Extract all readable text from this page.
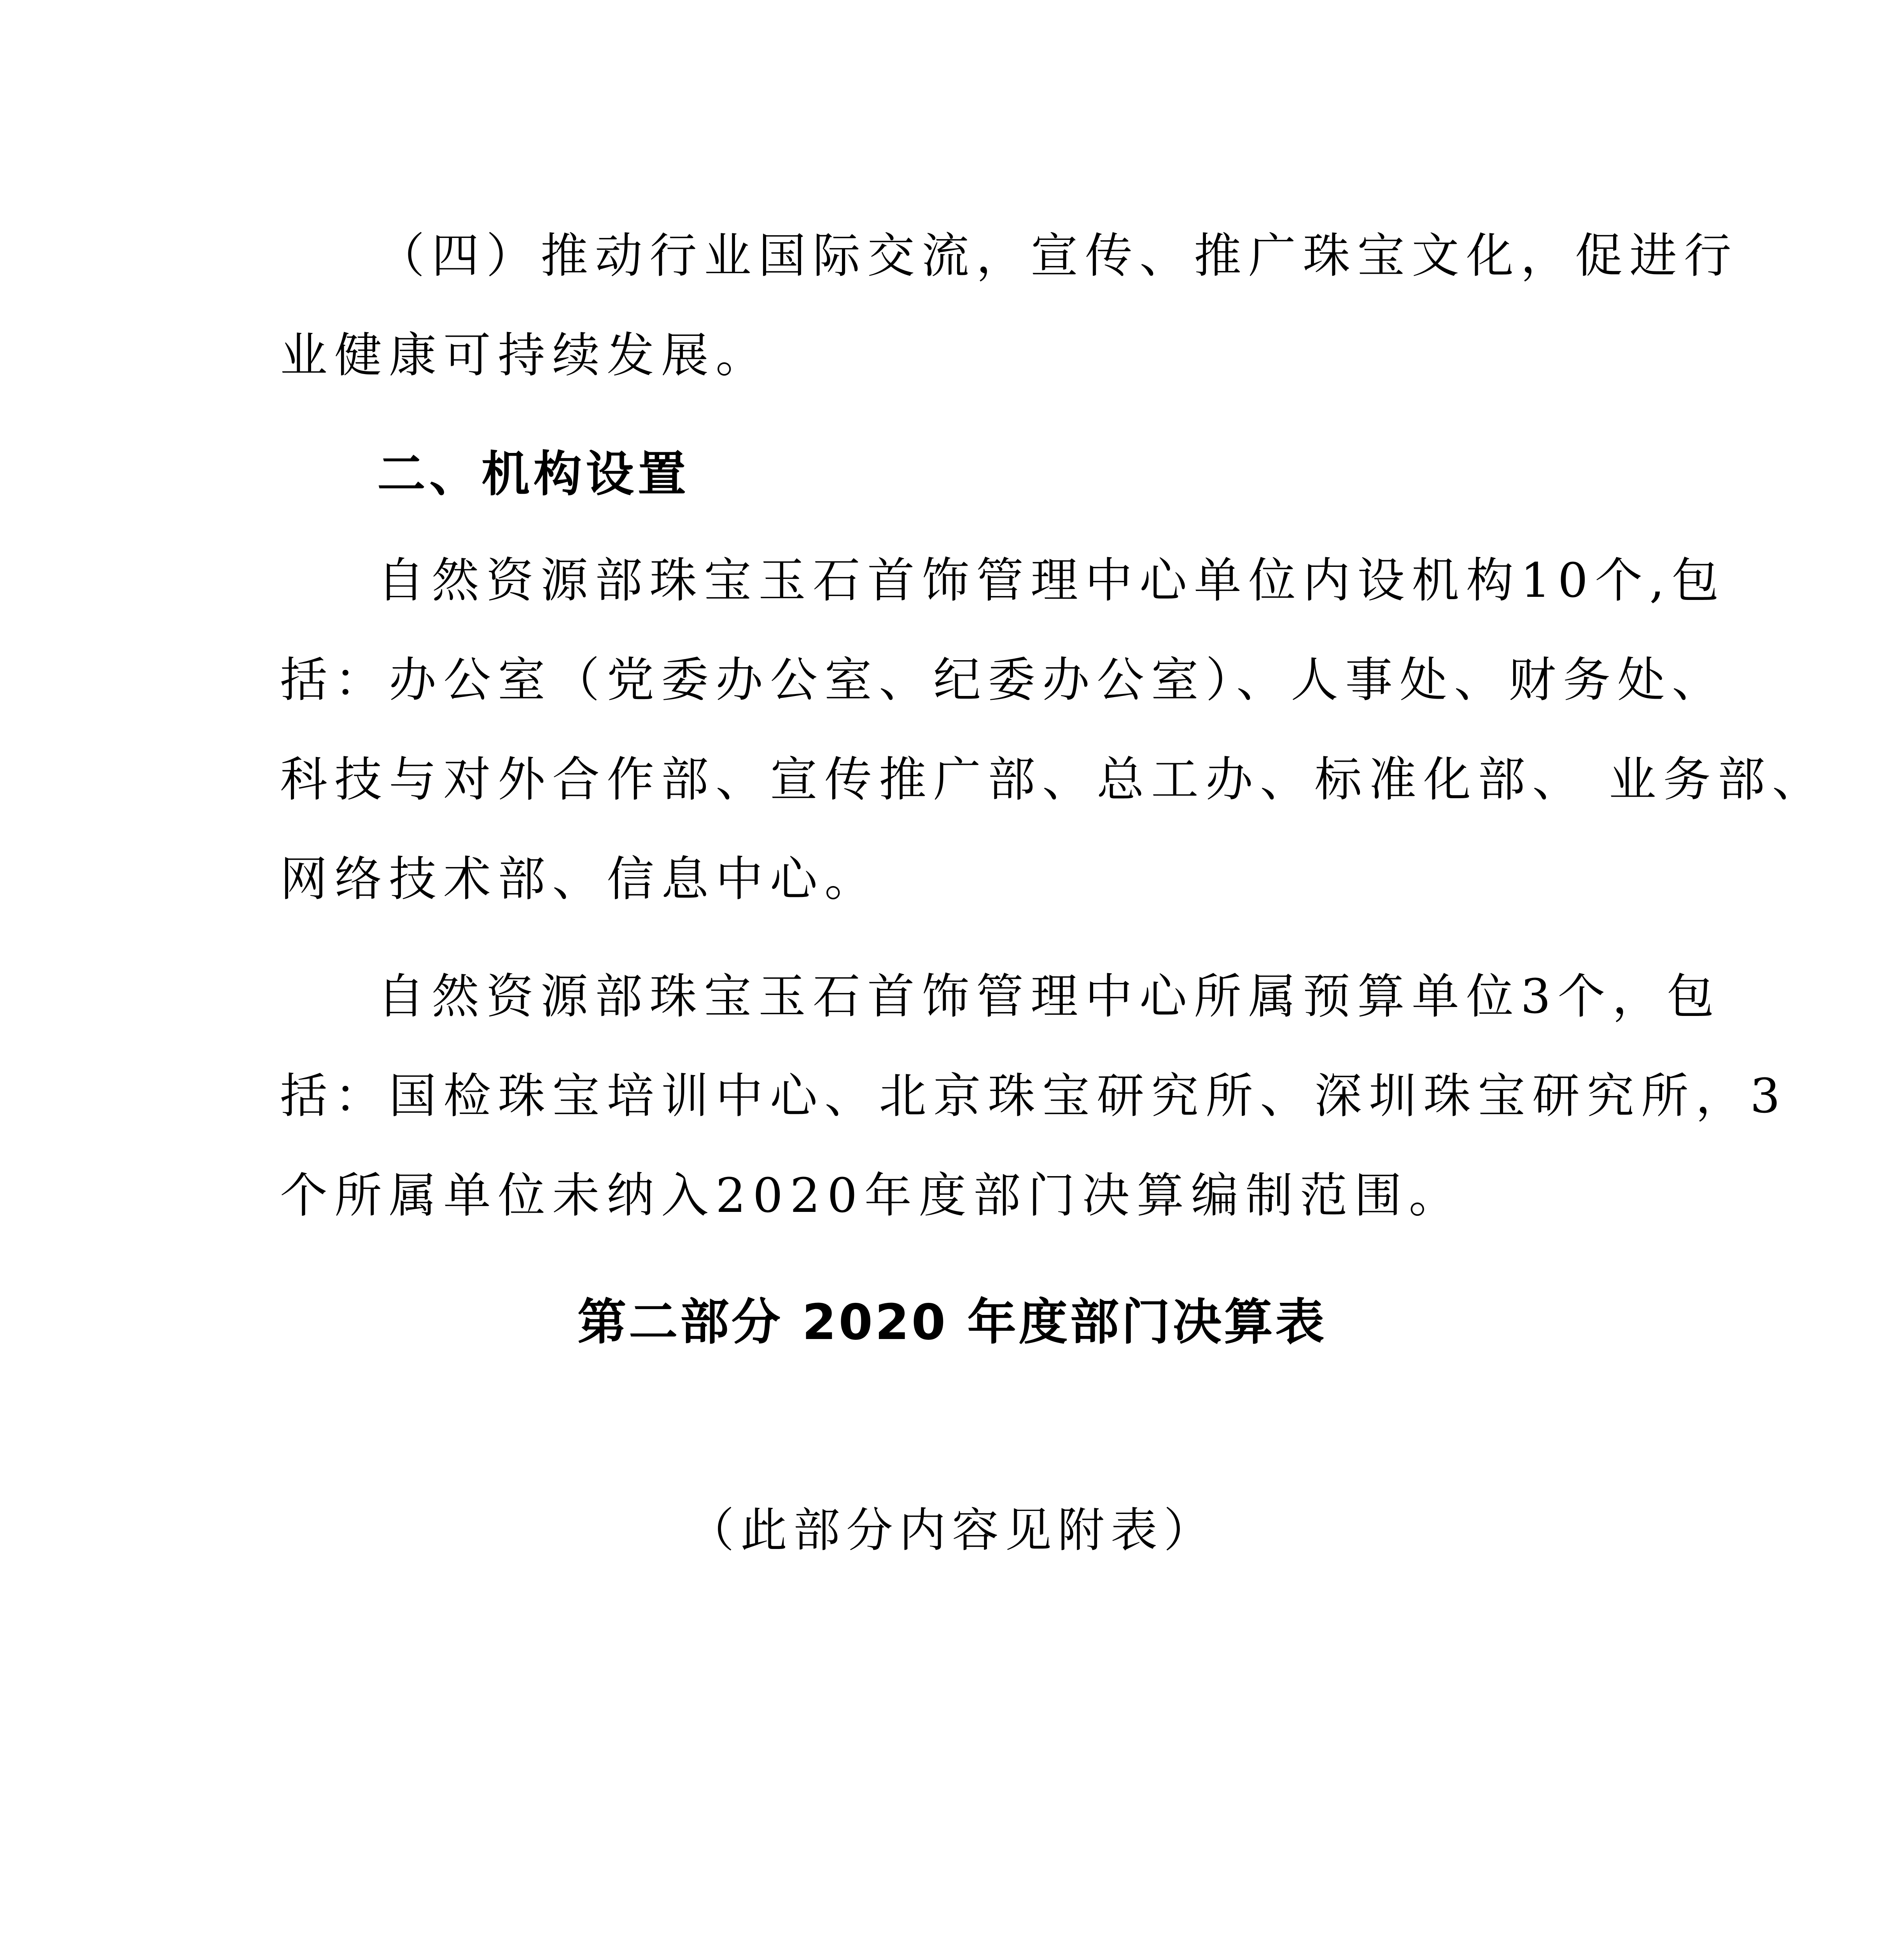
（四）推动行业国际交流，宣传、推广珠宝文化，促进行
业健康可持续发展。
二、机构设置
自然资源部珠宝玉石首饰管理中心单位内设机构10个,包
括：办公室（党委办公室、纪委办公室）、人事处、财务处、
科技与对外合作部、宣传推广部、总工办、标准化部、 业务部、
网络技术部、信息中心。
自然资源部珠宝玉石首饰管理中心所属预算单位3个，包
括：国检珠宝培训中心、北京珠宝研究所、深圳珠宝研究所，3
个所属单位未纳入2020年度部门决算编制范围。
第二部分 2020 年度部门决算表
（此部分内容见附表）
